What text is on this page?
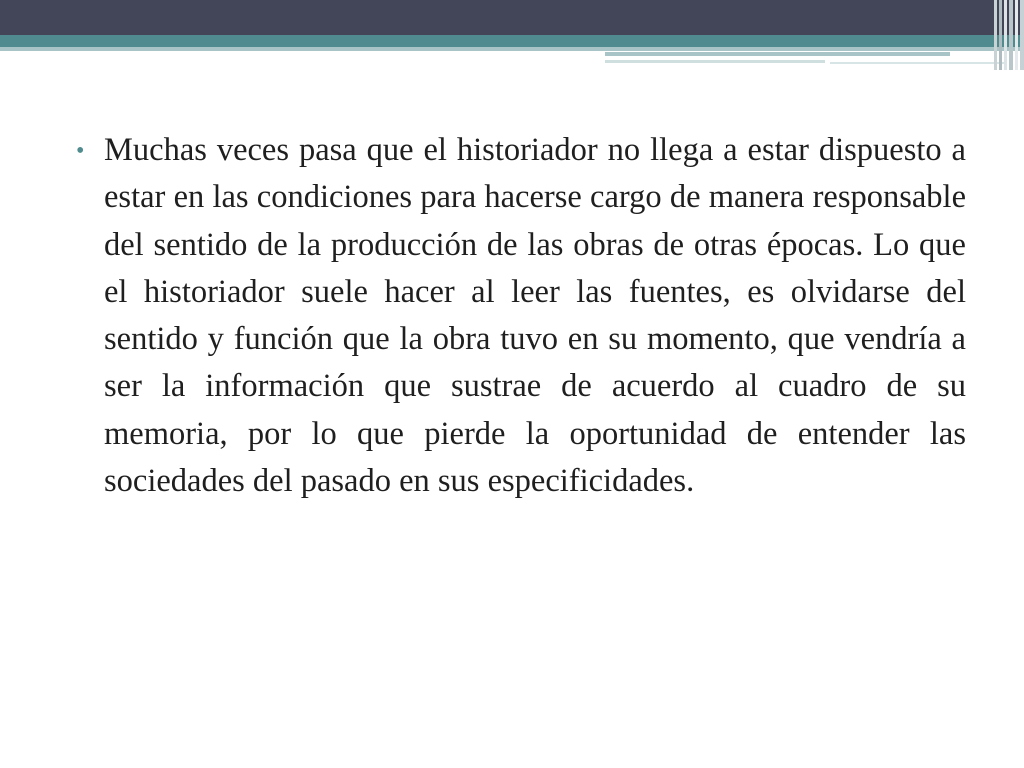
• Muchas veces pasa que el historiador no llega a estar dispuesto a estar en las condiciones para hacerse cargo de manera responsable del sentido de la producción de las obras de otras épocas. Lo que el historiador suele hacer al leer las fuentes, es olvidarse del sentido y función que la obra tuvo en su momento, que vendría a ser la información que sustrae de acuerdo al cuadro de su memoria, por lo que pierde la oportunidad de entender las sociedades del pasado en sus especificidades.
